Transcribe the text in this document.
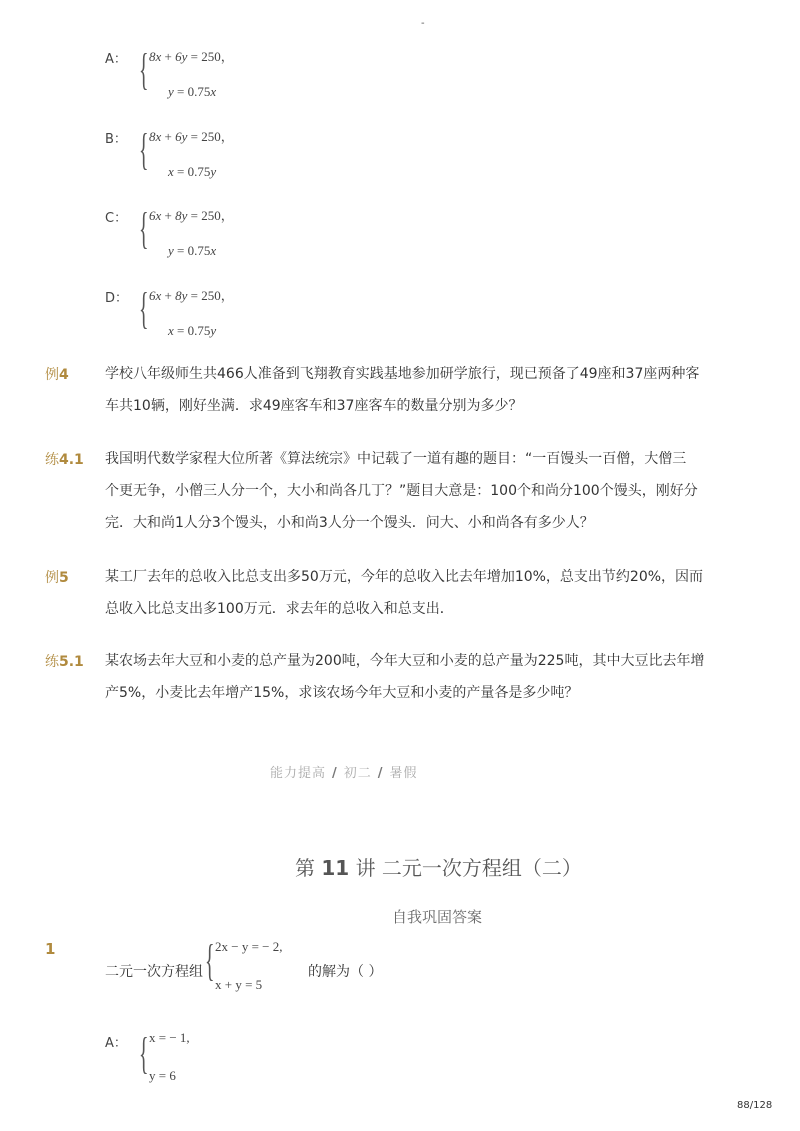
-
A： { 8x + 6y = 250，
y = 0.75x
B： { 8x + 6y = 250，
x = 0.75y
C： { 6x + 8y = 250，
y = 0.75x
D： { 6x + 8y = 250，
x = 0.75y
例4	学校八年级师生共466人准备到飞翔教育实践基地参加研学旅行，现已预备了49座和37座两种客
车共10辆，刚好坐满．求49座客车和37座客车的数量分别为多少？
练4.1 我国明代数学家程大位所著《算法统宗》中记载了一道有趣的题目：“一百馒头一百僧，大僧三
个更无争，小僧三人分一个，大小和尚各几丁？”题目大意是：100个和尚分100个馒头，刚好分
完．大和尚1人分3个馒头，小和尚3人分一个馒头．问大、小和尚各有多少人？
例5	某工厂去年的总收入比总支出多50万元，今年的总收入比去年增加10%，总支出节约20%，因而
总收入比总支出多100万元．求去年的总收入和总支出．
练5.1 某农场去年大豆和小麦的总产量为200吨，今年大豆和小麦的总产量为225吨，其中大豆比去年增
产5%，小麦比去年增产15%，求该农场今年大豆和小麦的产量各是多少吨？
能力提高 / 初二 / 暑假
第 11 讲 二元一次方程组（二）
自我巩固答案
1
二元一次方程组 { 2x − y = − 2,
x + y = 5
的解为（ ）
A： { x = − 1,
y = 6
88/128
